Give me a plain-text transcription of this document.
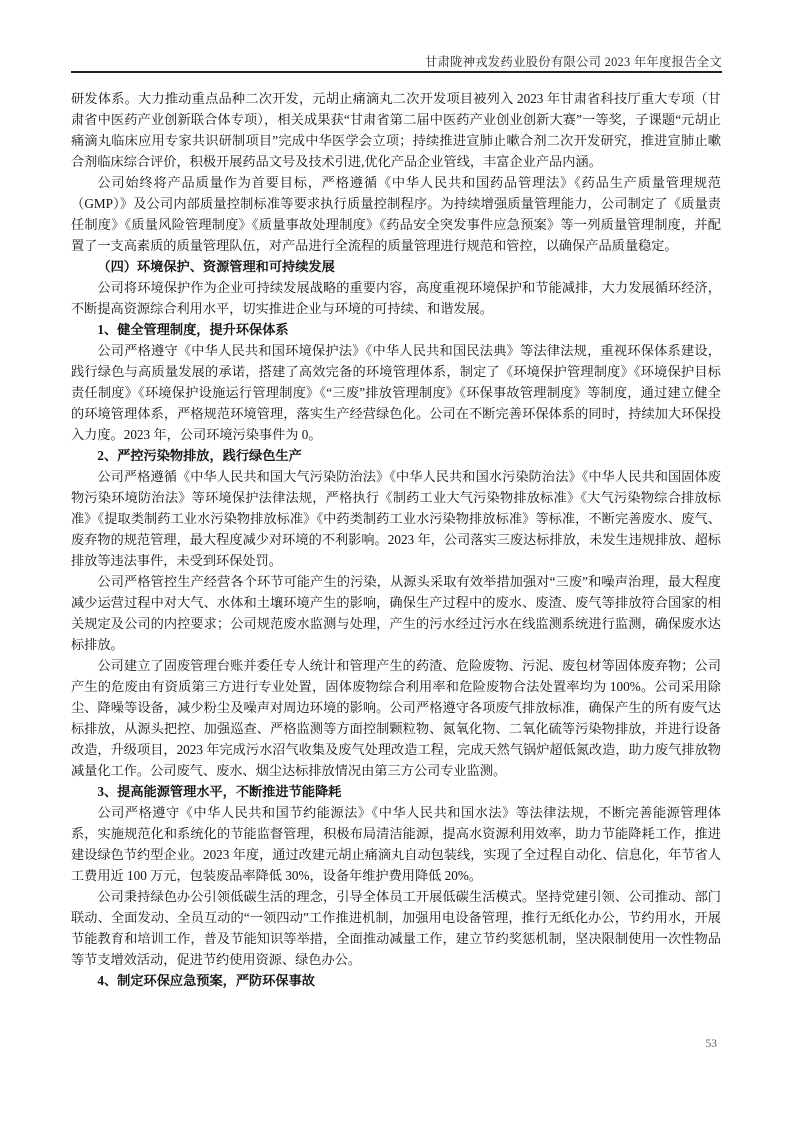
甘肃陇神戎发药业股份有限公司 2023 年年度报告全文

研发体系。大力推动重点品种二次开发，元胡止痛滴丸二次开发项目被列入 2023 年甘肃省科技厅重大专项（甘肃省中医药产业创新联合体专项），相关成果获“甘肃省第二届中医药产业创业创新大赛”一等奖，子课题“元胡止痛滴丸临床应用专家共识研制项目”完成中华医学会立项；持续推进宣肺止嗽合剂二次开发研究，推进宣肺止嗽合剂临床综合评价，积极开展药品文号及技术引进,优化产品企业管线，丰富企业产品内涵。

公司始终将产品质量作为首要目标，严格遵循《中华人民共和国药品管理法》《药品生产质量管理规范（GMP）》及公司内部质量控制标准等要求执行质量控制程序。为持续增强质量管理能力，公司制定了《质量责任制度》《质量风险管理制度》《质量事故处理制度》《药品安全突发事件应急预案》等一列质量管理制度，并配置了一支高素质的质量管理队伍，对产品进行全流程的质量管理进行规范和管控，以确保产品质量稳定。

（四）环境保护、资源管理和可持续发展

公司将环境保护作为企业可持续发展战略的重要内容，高度重视环境保护和节能减排，大力发展循环经济，不断提高资源综合利用水平，切实推进企业与环境的可持续、和谐发展。

1、健全管理制度，提升环保体系

公司严格遵守《中华人民共和国环境保护法》《中华人民共和国民法典》等法律法规，重视环保体系建设，践行绿色与高质量发展的承诺，搭建了高效完备的环境管理体系，制定了《环境保护管理制度》《环境保护目标责任制度》《环境保护设施运行管理制度》《“三废”排放管理制度》《环保事故管理制度》等制度，通过建立健全的环境管理体系，严格规范环境管理，落实生产经营绿色化。公司在不断完善环保体系的同时，持续加大环保投入力度。2023 年，公司环境污染事件为 0。

2、严控污染物排放，践行绿色生产

公司严格遵循《中华人民共和国大气污染防治法》《中华人民共和国水污染防治法》《中华人民共和国固体废物污染环境防治法》等环境保护法律法规，严格执行《制药工业大气污染物排放标准》《大气污染物综合排放标准》《提取类制药工业水污染物排放标准》《中药类制药工业水污染物排放标准》等标准，不断完善废水、废气、废弃物的规范管理，最大程度减少对环境的不利影响。2023 年，公司落实三废达标排放，未发生违规排放、超标排放等违法事件，未受到环保处罚。

公司严格管控生产经营各个环节可能产生的污染，从源头采取有效举措加强对“三废”和噪声治理，最大程度减少运营过程中对大气、水体和土壤环境产生的影响，确保生产过程中的废水、废渣、废气等排放符合国家的相关规定及公司的内控要求；公司规范废水监测与处理，产生的污水经过污水在线监测系统进行监测，确保废水达标排放。

公司建立了固废管理台账并委任专人统计和管理产生的药渣、危险废物、污泥、废包材等固体废弃物；公司产生的危废由有资质第三方进行专业处置，固体废物综合利用率和危险废物合法处置率均为 100%。公司采用除尘、降噪等设备，减少粉尘及噪声对周边环境的影响。公司严格遵守各项废气排放标准，确保产生的所有废气达标排放，从源头把控、加强巡查、严格监测等方面控制颗粒物、氮氧化物、二氧化硫等污染物排放，并进行设备改造，升级项目，2023 年完成污水沼气收集及废气处理改造工程，完成天然气锅炉超低氮改造，助力废气排放物减量化工作。公司废气、废水、烟尘达标排放情况由第三方公司专业监测。

3、提高能源管理水平，不断推进节能降耗

公司严格遵守《中华人民共和国节约能源法》《中华人民共和国水法》等法律法规，不断完善能源管理体系，实施规范化和系统化的节能监督管理，积极布局清洁能源，提高水资源利用效率，助力节能降耗工作，推进建设绿色节约型企业。2023 年度，通过改建元胡止痛滴丸自动包装线，实现了全过程自动化、信息化，年节省人工费用近 100 万元，包装废品率降低 30%，设备年维护费用降低 20%。

公司秉持绿色办公引领低碳生活的理念，引导全体员工开展低碳生活模式。坚持党建引领、公司推动、部门联动、全面发动、全员互动的“一领四动”工作推进机制，加强用电设备管理，推行无纸化办公，节约用水，开展节能教育和培训工作，普及节能知识等举措，全面推动减量工作，建立节约奖惩机制，坚决限制使用一次性物品等节支增效活动，促进节约使用资源、绿色办公。

4、制定环保应急预案，严防环保事故

53
